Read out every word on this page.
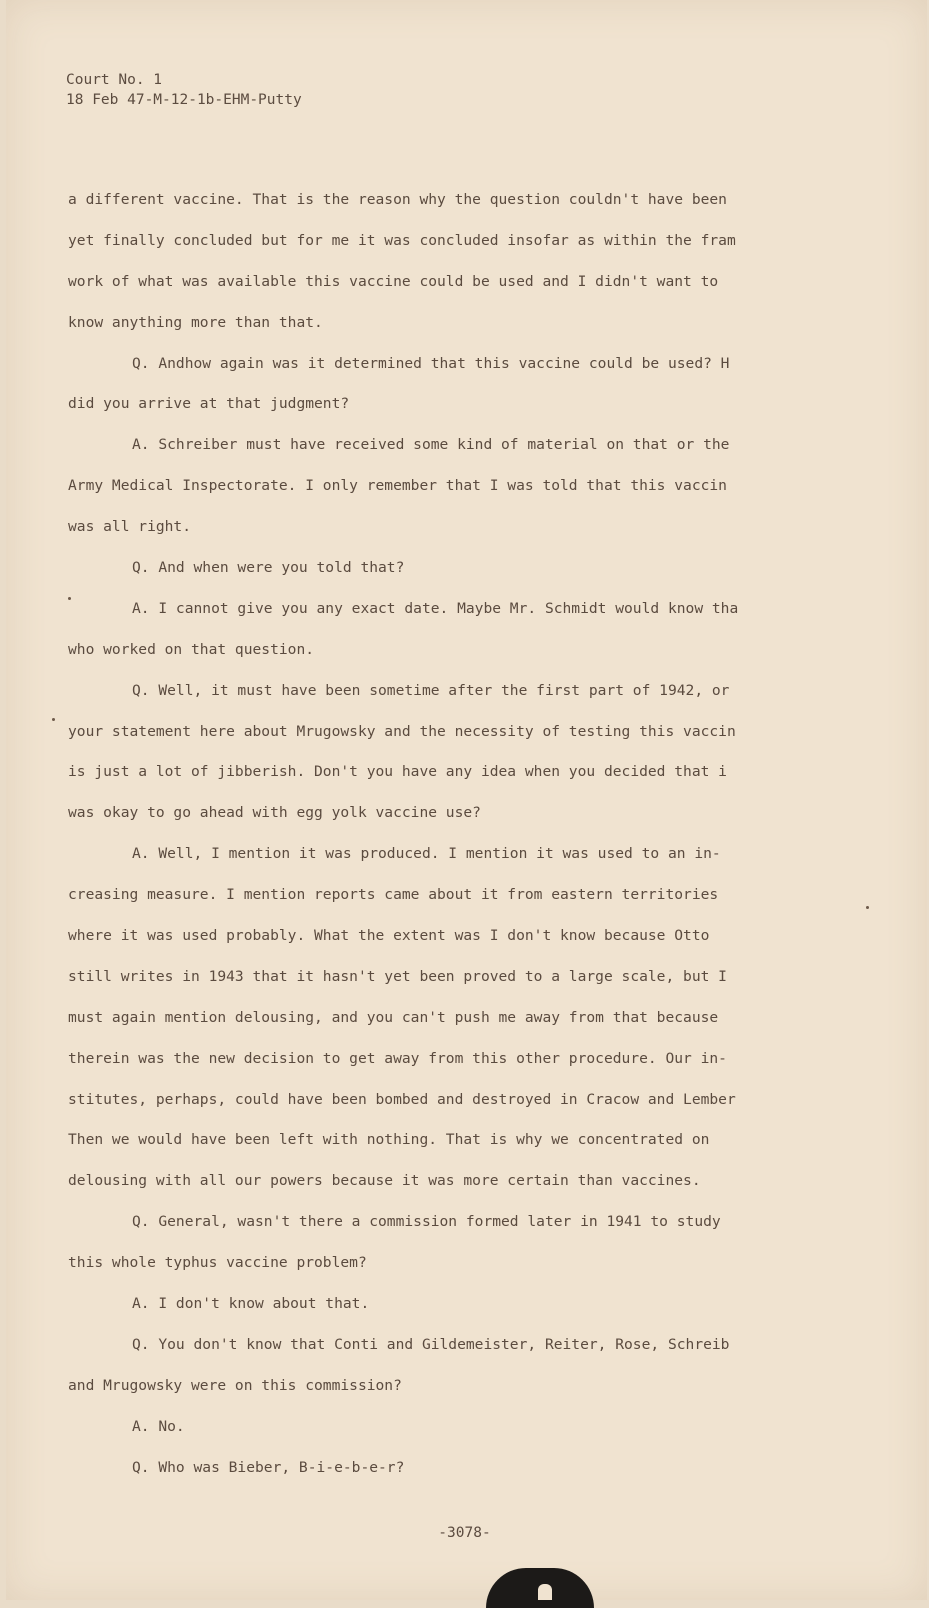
Court No. 1
18 Feb 47-M-12-1b-EHM-Putty
a different vaccine. That is the reason why the question couldn't have been
yet finally concluded but for me it was concluded insofar as within the fram
work of what was available this vaccine could be used and I didn't want to
know anything more than that.
Q. Andhow again was it determined that this vaccine could be used? H
did you arrive at that judgment?
A. Schreiber must have received some kind of material on that or the
Army Medical Inspectorate. I only remember that I was told that this vaccin
was all right.
Q. And when were you told that?
A. I cannot give you any exact date. Maybe Mr. Schmidt would know tha
who worked on that question.
Q. Well, it must have been sometime after the first part of 1942, or
your statement here about Mrugowsky and the necessity of testing this vaccin
is just a lot of jibberish. Don't you have any idea when you decided that i
was okay to go ahead with egg yolk vaccine use?
A. Well, I mention it was produced. I mention it was used to an in-
creasing measure. I mention reports came about it from eastern territories
where it was used probably. What the extent was I don't know because Otto
still writes in 1943 that it hasn't yet been proved to a large scale, but I
must again mention delousing, and you can't push me away from that because
therein was the new decision to get away from this other procedure. Our in-
stitutes, perhaps, could have been bombed and destroyed in Cracow and Lember
Then we would have been left with nothing. That is why we concentrated on
delousing with all our powers because it was more certain than vaccines.
Q. General, wasn't there a commission formed later in 1941 to study
this whole typhus vaccine problem?
A. I don't know about that.
Q. You don't know that Conti and Gildemeister, Reiter, Rose, Schreib
and Mrugowsky were on this commission?
A. No.
Q. Who was Bieber, B-i-e-b-e-r?
-3078-
